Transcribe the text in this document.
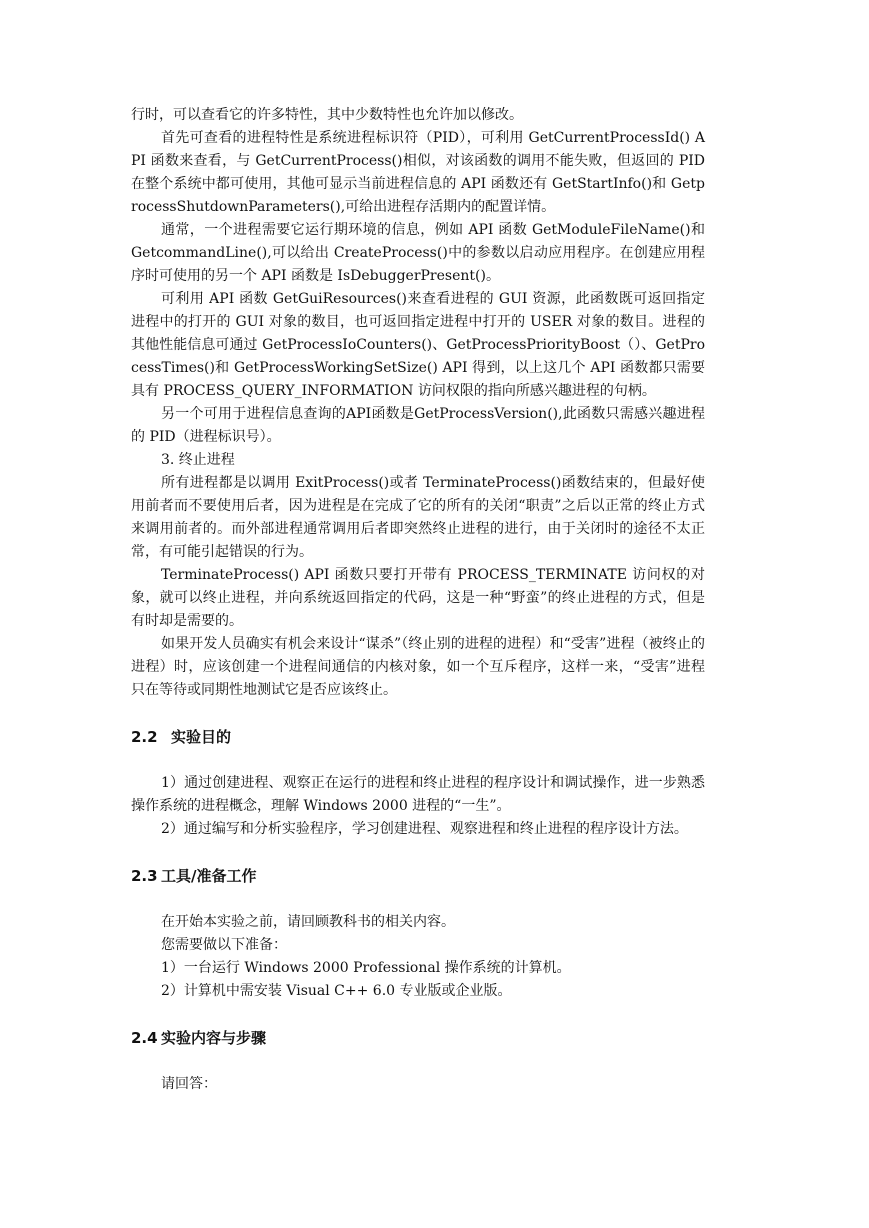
行时，可以查看它的许多特性，其中少数特性也允许加以修改。

首先可查看的进程特性是系统进程标识符（PID），可利用 GetCurrentProcessId() API 函数来查看，与 GetCurrentProcess()相似，对该函数的调用不能失败，但返回的 PID 在整个系统中都可使用，其他可显示当前进程信息的 API 函数还有 GetStartInfo()和 GetprocessShutdownParameters(),可给出进程存活期内的配置详情。

通常，一个进程需要它运行期环境的信息，例如 API 函数 GetModuleFileName()和 GetcommandLine(),可以给出 CreateProcess()中的参数以启动应用程序。在创建应用程序时可使用的另一个 API 函数是 IsDebuggerPresent()。

可利用 API 函数 GetGuiResources()来查看进程的 GUI 资源，此函数既可返回指定进程中的打开的 GUI 对象的数目，也可返回指定进程中打开的 USER 对象的数目。进程的其他性能信息可通过 GetProcessIoCounters()、GetProcessPriorityBoost（）、GetProcessTimes()和 GetProcessWorkingSetSize() API 得到，以上这几个 API 函数都只需要具有 PROCESS_QUERY_INFORMATION 访问权限的指向所感兴趣进程的句柄。

另一个可用于进程信息查询的API函数是GetProcessVersion(),此函数只需感兴趣进程的 PID（进程标识号）。

3. 终止进程

所有进程都是以调用 ExitProcess()或者 TerminateProcess()函数结束的，但最好使用前者而不要使用后者，因为进程是在完成了它的所有的关闭“职责”之后以正常的终止方式来调用前者的。而外部进程通常调用后者即突然终止进程的进行，由于关闭时的途径不太正常，有可能引起错误的行为。

TerminateProcess() API 函数只要打开带有 PROCESS_TERMINATE 访问权的对象，就可以终止进程，并向系统返回指定的代码，这是一种“野蛮”的终止进程的方式，但是有时却是需要的。

如果开发人员确实有机会来设计“谋杀”（终止别的进程的进程）和“受害”进程（被终止的进程）时，应该创建一个进程间通信的内核对象，如一个互斥程序，这样一来，“受害”进程只在等待或同期性地测试它是否应该终止。

2.2 实验目的

1）通过创建进程、观察正在运行的进程和终止进程的程序设计和调试操作，进一步熟悉操作系统的进程概念，理解 Windows 2000 进程的“一生”。

2）通过编写和分析实验程序，学习创建进程、观察进程和终止进程的程序设计方法。

2.3 工具/准备工作

在开始本实验之前，请回顾教科书的相关内容。

您需要做以下准备：

1）一台运行 Windows 2000 Professional 操作系统的计算机。

2）计算机中需安装 Visual C++ 6.0 专业版或企业版。

2.4 实验内容与步骤

请回答：
